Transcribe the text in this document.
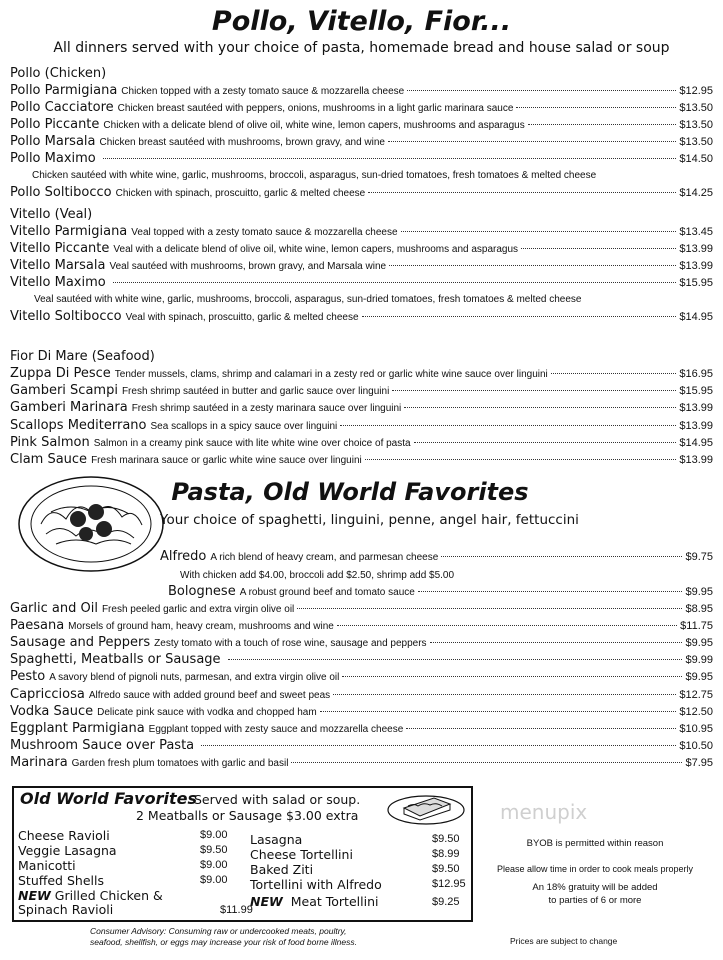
Pollo, Vitello, Fior...
All dinners served with your choice of pasta, homemade bread and house salad or soup
Pollo (Chicken)
Pollo Parmigiana Chicken topped with a zesty tomato sauce & mozzarella cheese	$12.95
Pollo Cacciatore Chicken breast sautéed with peppers, onions, mushrooms in a light garlic marinara sauce	$13.50
Pollo Piccante Chicken with a delicate blend of olive oil, white wine, lemon capers, mushrooms and asparagus	$13.50
Pollo Marsala Chicken breast sautéed with mushrooms, brown gravy, and wine	$13.50
Pollo Maximo	$14.50
Pollo Soltibocco Chicken with spinach, proscuitto, garlic & melted cheese	$14.25
Chicken sautéed with white wine, garlic, mushrooms, broccoli, asparagus, sun-dried tomatoes, fresh tomatoes & melted cheese
Vitello (Veal)
Vitello Parmigiana Veal topped with a zesty tomato sauce & mozzarella cheese	$13.45
Vitello Piccante Veal with a delicate blend of olive oil, white wine, lemon capers, mushrooms and asparagus	$13.99
Vitello Marsala Veal sautéed with mushrooms, brown gravy, and Marsala wine	$13.99
Vitello Maximo	$15.95
Vitello Soltibocco Veal with spinach, proscuitto, garlic & melted cheese	$14.95
Veal sautéed with white wine, garlic, mushrooms, broccoli, asparagus, sun-dried tomatoes, fresh tomatoes & melted cheese
Fior Di Mare (Seafood)
Zuppa Di Pesce Tender mussels, clams, shrimp and calamari in a zesty red or garlic white wine sauce over linguini	$16.95
Gamberi Scampi Fresh shrimp sautéed in butter and garlic sauce over linguini	$15.95
Gamberi Marinara Fresh shrimp sautéed in a zesty marinara sauce over linguini	$13.99
Scallops Mediterrano Sea scallops in a spicy sauce over linguini	$13.99
Pink Salmon Salmon in a creamy pink sauce with lite white wine over choice of pasta	$14.95
Clam Sauce Fresh marinara sauce or garlic white wine sauce over linguini	$13.99
Pasta, Old World Favorites
Your choice of spaghetti, linguini, penne, angel hair, fettuccini
Alfredo A rich blend of heavy cream, and parmesan cheese	$9.75
With chicken add $4.00, broccoli add $2.50, shrimp add $5.00
Bolognese A robust ground beef and tomato sauce	$9.95
Garlic and Oil Fresh peeled garlic and extra virgin olive oil	$8.95
Paesana Morsels of ground ham, heavy cream, mushrooms and wine	$11.75
Sausage and Peppers Zesty tomato with a touch of rose wine, sausage and peppers	$9.95
Spaghetti, Meatballs or Sausage	$9.99
Pesto A savory blend of pignoli nuts, parmesan, and extra virgin olive oil	$9.95
Capricciosa Alfredo sauce with added ground beef and sweet peas	$12.75
Vodka Sauce Delicate pink sauce with vodka and chopped ham	$12.50
Eggplant Parmigiana Eggplant topped with zesty sauce and mozzarella cheese	$10.95
Mushroom Sauce over Pasta	$10.50
Marinara Garden fresh plum tomatoes with garlic and basil	$7.95
Old World Favorites
Served with salad or soup.
2 Meatballs or Sausage $3.00 extra
Cheese Ravioli	$9.00
Veggie Lasagna	$9.50
Manicotti	$9.00
Stuffed Shells	$9.00
Lasagna	$9.50
Cheese Tortellini	$8.99
Baked Ziti	$9.50
Tortellini with Alfredo	$12.95
NEW Grilled Chicken &
Spinach Ravioli	$11.99
NEW Meat Tortellini	$9.25
BYOB is permitted within reason
Please allow time in order to cook meals properly
An 18% gratuity will be added
to parties of 6 or more
menupix
Consumer Advisory: Consuming raw or undercooked meats, poultry,
seafood, shellfish, or eggs may increase your risk of food borne illness.	Prices are subject to change
